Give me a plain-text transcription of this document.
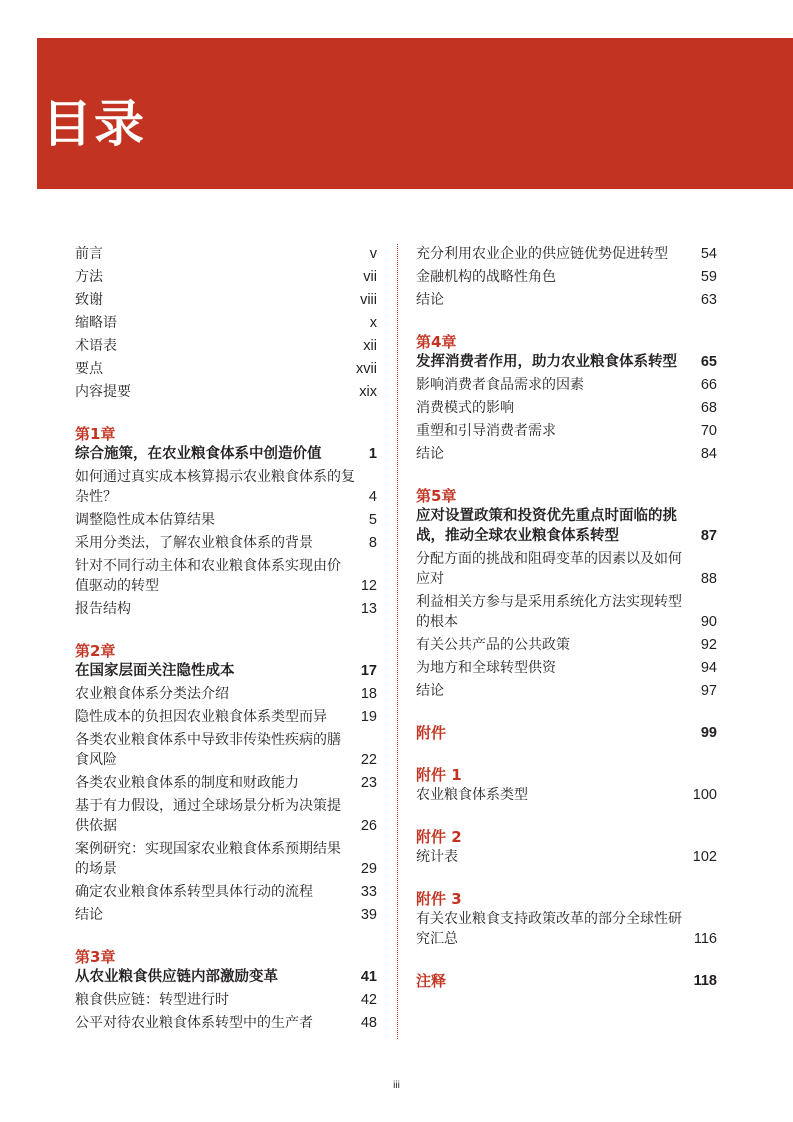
目录
前言	v
方法	vii
致谢	viii
缩略语	x
术语表	xii
要点	xvii
内容提要	xix
第1章
综合施策，在农业粮食体系中创造价值	1
如何通过真实成本核算揭示农业粮食体系的复杂性？	4
调整隐性成本估算结果	5
采用分类法，了解农业粮食体系的背景	8
针对不同行动主体和农业粮食体系实现由价值驱动的转型	12
报告结构	13
第2章
在国家层面关注隐性成本	17
农业粮食体系分类法介绍	18
隐性成本的负担因农业粮食体系类型而异	19
各类农业粮食体系中导致非传染性疾病的膳食风险	22
各类农业粮食体系的制度和财政能力	23
基于有力假设，通过全球场景分析为决策提供依据	26
案例研究：实现国家农业粮食体系预期结果的场景	29
确定农业粮食体系转型具体行动的流程	33
结论	39
第3章
从农业粮食供应链内部激励变革	41
粮食供应链：转型进行时	42
公平对待农业粮食体系转型中的生产者	48
充分利用农业企业的供应链优势促进转型	54
金融机构的战略性角色	59
结论	63
第4章
发挥消费者作用，助力农业粮食体系转型	65
影响消费者食品需求的因素	66
消费模式的影响	68
重塑和引导消费者需求	70
结论	84
第5章
应对设置政策和投资优先重点时面临的挑战，推动全球农业粮食体系转型	87
分配方面的挑战和阻碍变革的因素以及如何应对	88
利益相关方参与是采用系统化方法实现转型的根本	90
有关公共产品的公共政策	92
为地方和全球转型供资	94
结论	97
附件	99
附件 1
农业粮食体系类型	100
附件 2
统计表	102
附件 3
有关农业粮食支持政策改革的部分全球性研究汇总	116
注释	118
iii
